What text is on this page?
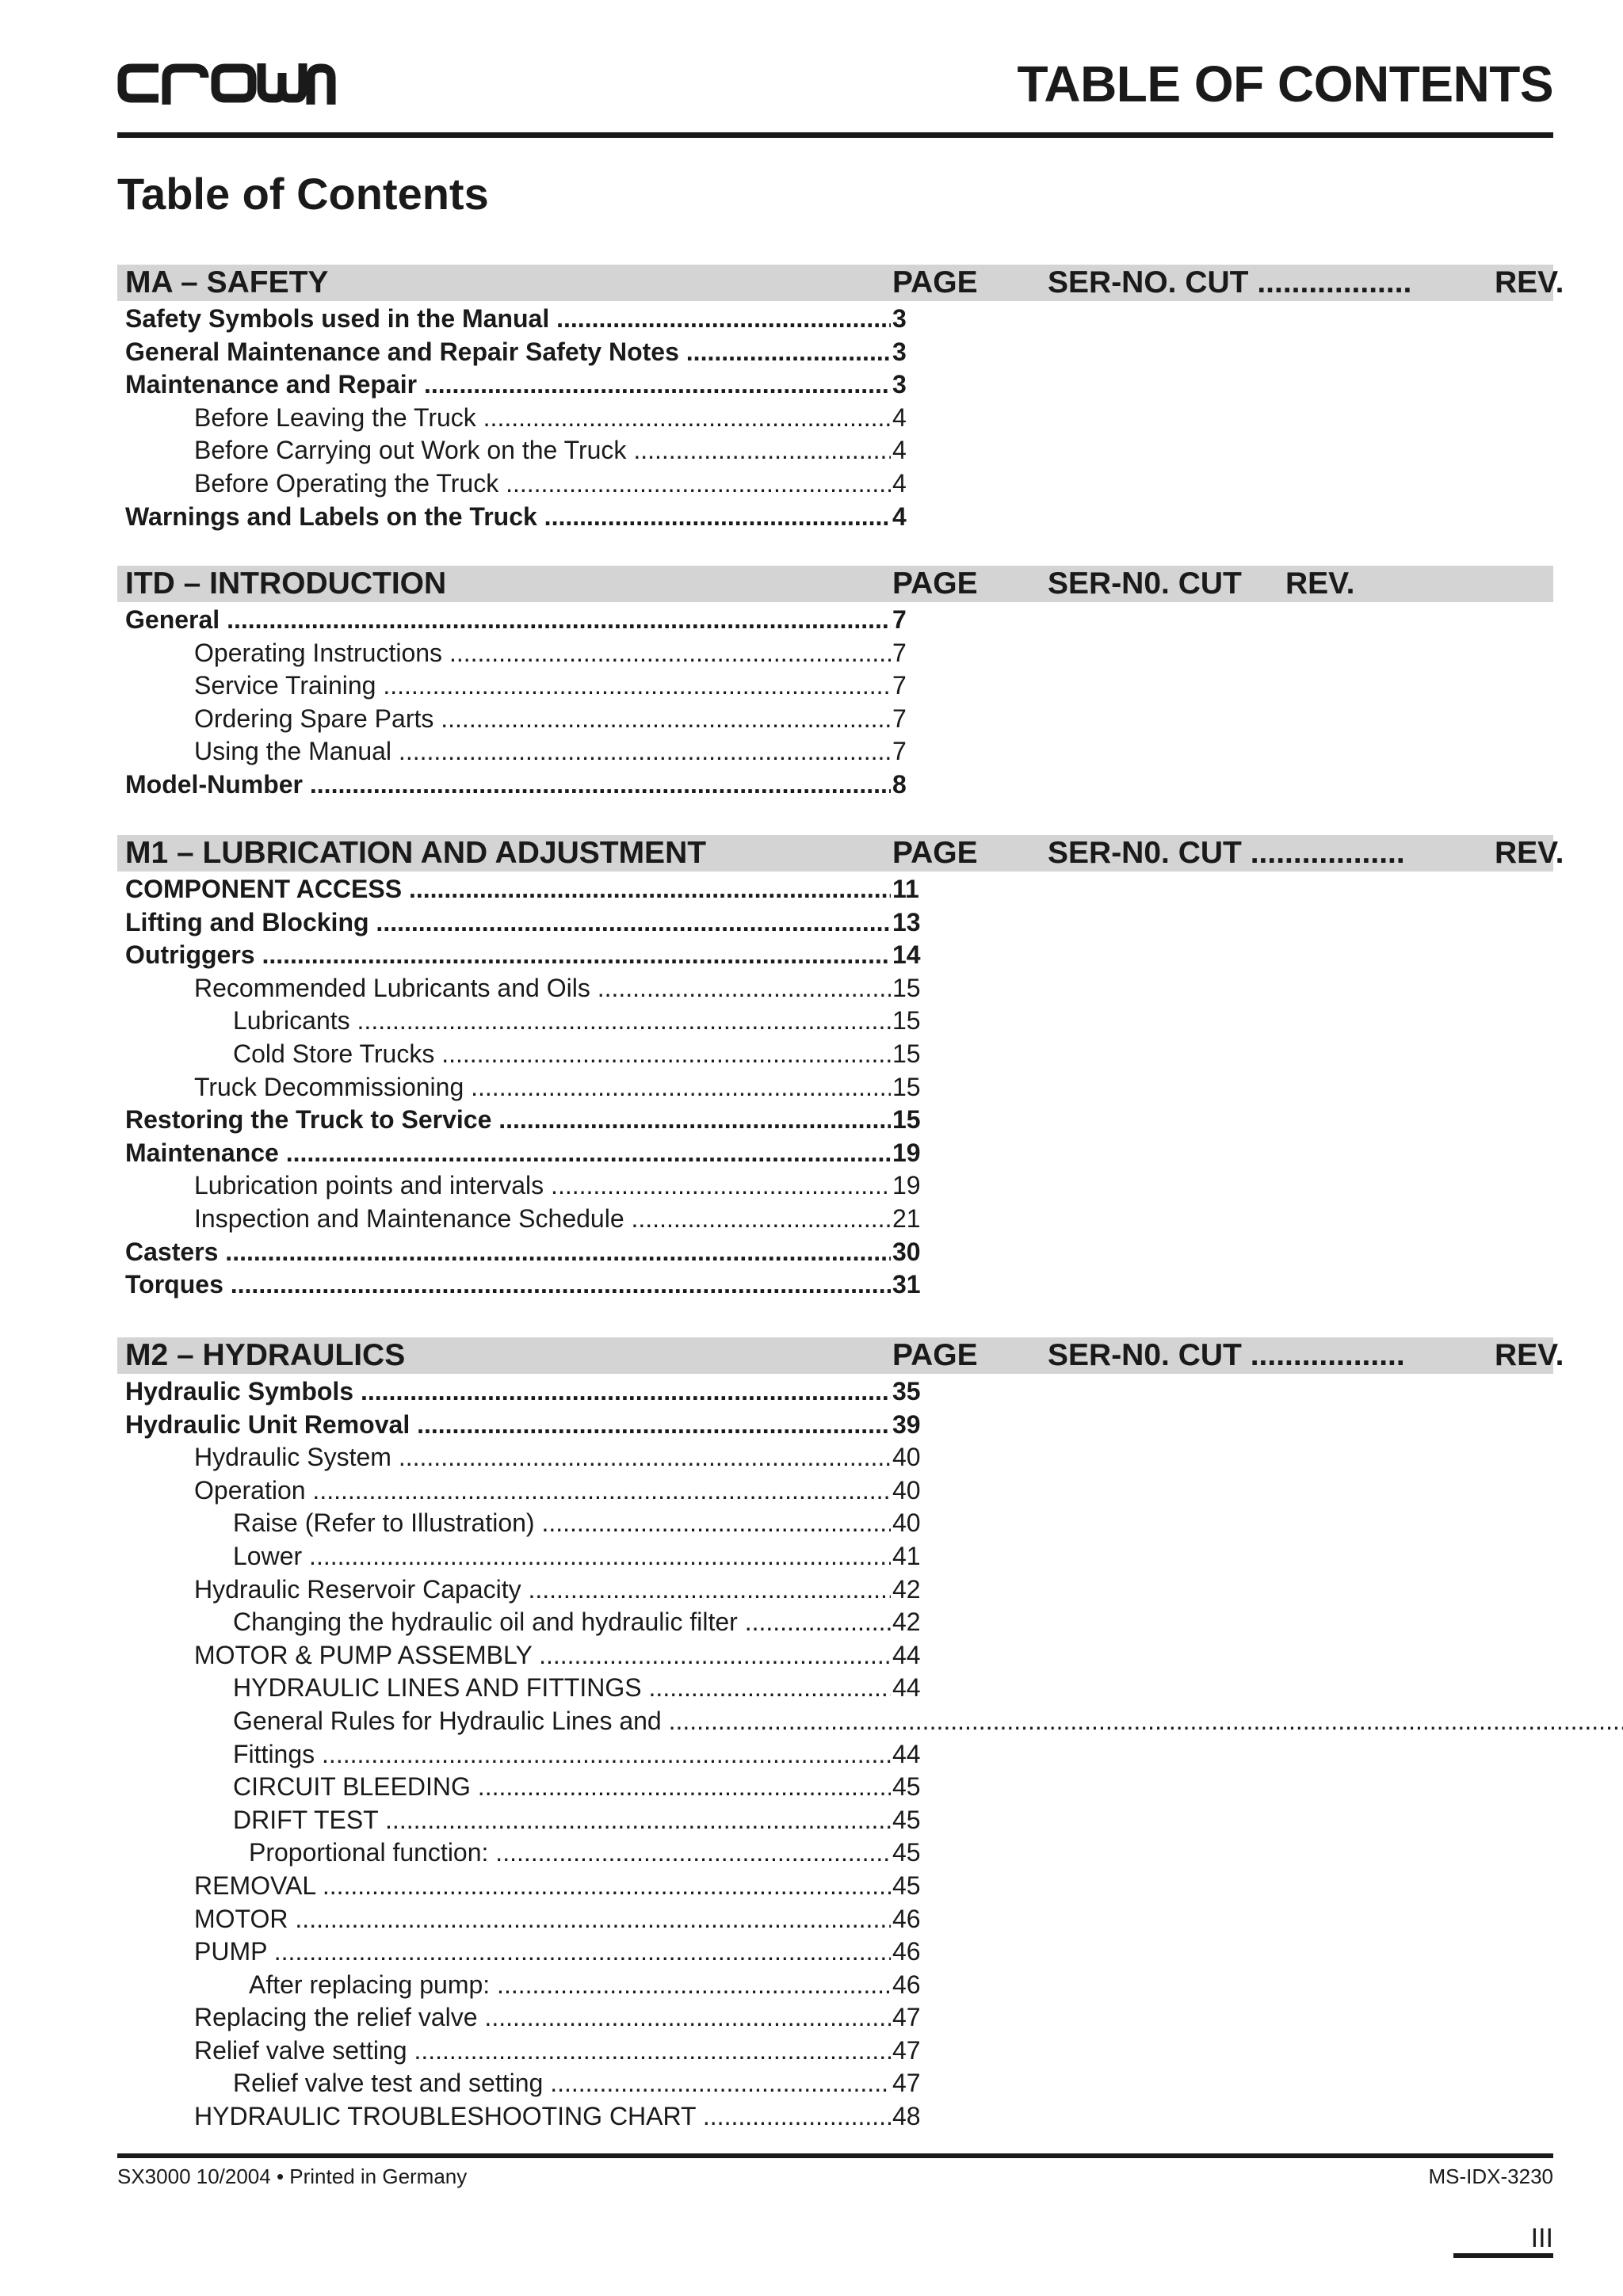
TABLE OF CONTENTS
Table of Contents
MA – SAFETY	PAGE SER-NO. CUT ..................	REV.
Safety Symbols used in the Manual .....	3
General Maintenance and Repair Safety Notes .....	3
Maintenance and Repair .....	3
Before Leaving the Truck .....	4
Before Carrying out Work on the Truck .....	4
Before Operating the Truck .....	4
Warnings and Labels on the Truck .....	4
ITD – INTRODUCTION	PAGE SER-N0. CUT REV.
General .....	7
Operating Instructions .....	7
Service Training .....	7
Ordering Spare Parts .....	7
Using the Manual .....	7
Model-Number .....	8
M1 – LUBRICATION AND ADJUSTMENT	PAGE SER-N0. CUT ..................	REV.
COMPONENT ACCESS .....	11
Lifting and Blocking .....	13
Outriggers .....	14
Recommended Lubricants and Oils .....	15
Lubricants .....	15
Cold Store Trucks .....	15
Truck Decommissioning .....	15
Restoring the Truck to Service .....	15
Maintenance .....	19
Lubrication points and intervals .....	19
Inspection and Maintenance Schedule .....	21
Casters .....	30
Torques .....	31
M2 – HYDRAULICS	PAGE SER-N0. CUT ..................	REV.
Hydraulic Symbols .....	35
Hydraulic Unit Removal .....	39
Hydraulic System .....	40
Operation .....	40
Raise (Refer to Illustration) .....	40
Lower .....	41
Hydraulic Reservoir Capacity .....	42
Changing the hydraulic oil and hydraulic filter .....	42
MOTOR & PUMP ASSEMBLY .....	44
HYDRAULIC LINES AND FITTINGS .....	44
General Rules for Hydraulic Lines and .....
Fittings .....	44
CIRCUIT BLEEDING .....	45
DRIFT TEST .....	45
Proportional function: .....	45
REMOVAL .....	45
MOTOR .....	46
PUMP .....	46
After replacing pump: .....	46
Replacing the relief valve .....	47
Relief valve setting .....	47
Relief valve test and setting .....	47
HYDRAULIC TROUBLESHOOTING CHART .....	48
SX3000 10/2004 • Printed in Germany	MS-IDX-3230
III
